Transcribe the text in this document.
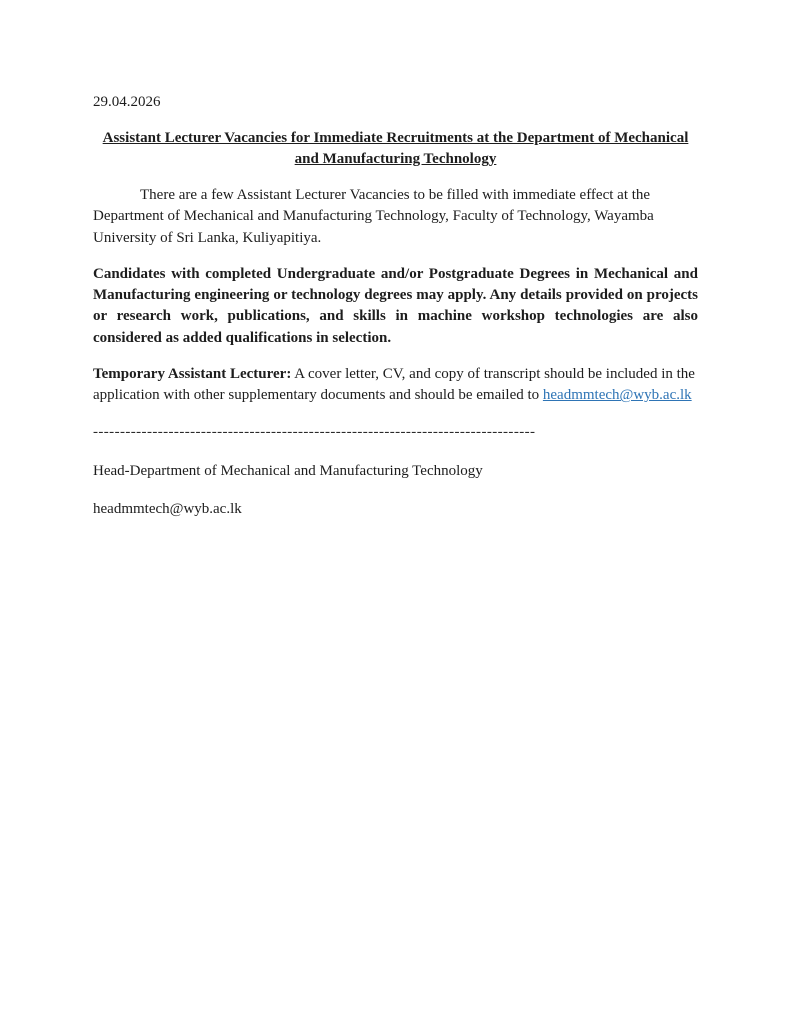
29.04.2026

Assistant Lecturer Vacancies for Immediate Recruitments at the Department of Mechanical
and Manufacturing Technology

There are a few Assistant Lecturer Vacancies to be filled with immediate effect at the Department of Mechanical and Manufacturing Technology, Faculty of Technology, Wayamba University of Sri Lanka, Kuliyapitiya.

Candidates with completed Undergraduate and/or Postgraduate Degrees in Mechanical and Manufacturing engineering or technology degrees may apply. Any details provided on projects or research work, publications, and skills in machine workshop technologies are also considered as added qualifications in selection.

Temporary Assistant Lecturer: A cover letter, CV, and copy of transcript should be included in the application with other supplementary documents and should be emailed to headmmtech@wyb.ac.lk

----------------------------------------------------------------------------------

Head-Department of Mechanical and Manufacturing Technology

headmmtech@wyb.ac.lk
